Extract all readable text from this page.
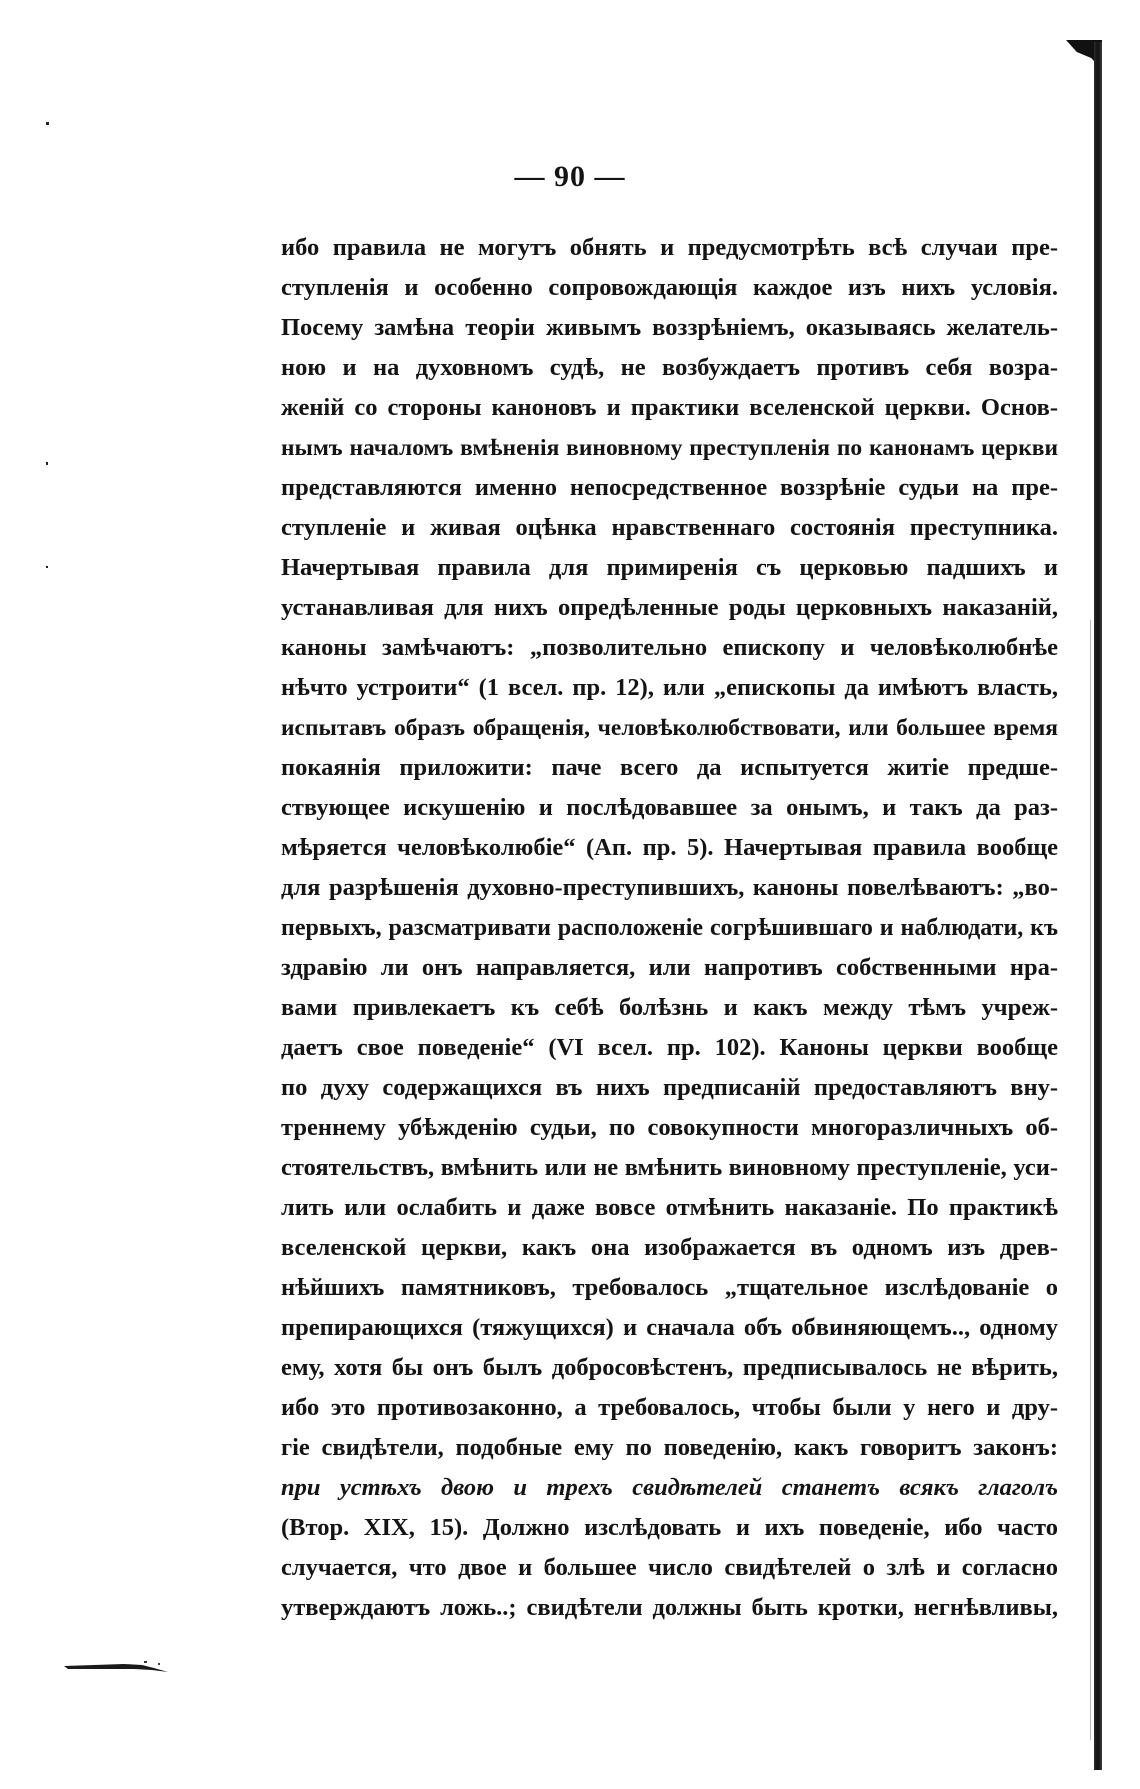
— 90 —
ибо правила не могутъ обнять и предусмотрѣть всѣ случаи пре-
ступленія и особенно сопровождающія каждое изъ нихъ условія.
Посему замѣна теоріи живымъ воззрѣніемъ, оказываясь желатель-
ною и на духовномъ судѣ, не возбуждаетъ противъ себя возра-
женій со стороны каноновъ и практики вселенской церкви. Основ-
нымъ началомъ вмѣненія виновному преступленія по канонамъ церкви
представляются именно непосредственное воззрѣніе судьи на пре-
ступленіе и живая оцѣнка нравственнаго состоянія преступника.
Начертывая правила для примиренія съ церковью падшихъ и
устанавливая для нихъ опредѣленные роды церковныхъ наказаній,
каноны замѣчаютъ: „позволительно епископу и человѣколюбнѣе
нѣчто устроити“ (1 всел. пр. 12), или „епископы да имѣютъ власть,
испытавъ образъ обращенія, человѣколюбствовати, или большее время
покаянія приложити: паче всего да испытуется житіе предше-
ствующее искушенію и послѣдовавшее за онымъ, и такъ да раз-
мѣряется человѣколюбіе“ (Ап. пр. 5). Начертывая правила вообще
для разрѣшенія духовно-преступившихъ, каноны повелѣваютъ: „во-
первыхъ, разсматривати расположеніе согрѣшившаго и наблюдати, къ
здравію ли онъ направляется, или напротивъ собственными нра-
вами привлекаетъ къ себѣ болѣзнь и какъ между тѣмъ учреж-
даетъ свое поведеніе“ (VI всел. пр. 102). Каноны церкви вообще
по духу содержащихся въ нихъ предписаній предоставляютъ вну-
треннему убѣжденію судьи, по совокупности многоразличныхъ об-
стоятельствъ, вмѣнить или не вмѣнить виновному преступленіе, уси-
лить или ослабить и даже вовсе отмѣнить наказаніе. По практикѣ
вселенской церкви, какъ она изображается въ одномъ изъ древ-
нѣйшихъ памятниковъ, требовалось „тщательное изслѣдованіе о
препирающихся (тяжущихся) и сначала объ обвиняющемъ.., одному
ему, хотя бы онъ былъ добросовѣстенъ, предписывалось не вѣрить,
ибо это противозаконно, а требовалось, чтобы были у него и дру-
гіе свидѣтели, подобные ему по поведенію, какъ говоритъ законъ:
при устѣхъ двою и трехъ свидѣтелей станетъ всякъ глаголъ
(Втор. XIX, 15). Должно изслѣдовать и ихъ поведеніе, ибо часто
случается, что двое и большее число свидѣтелей о злѣ и согласно
утверждаютъ ложь..; свидѣтели должны быть кротки, негнѣвливы,
